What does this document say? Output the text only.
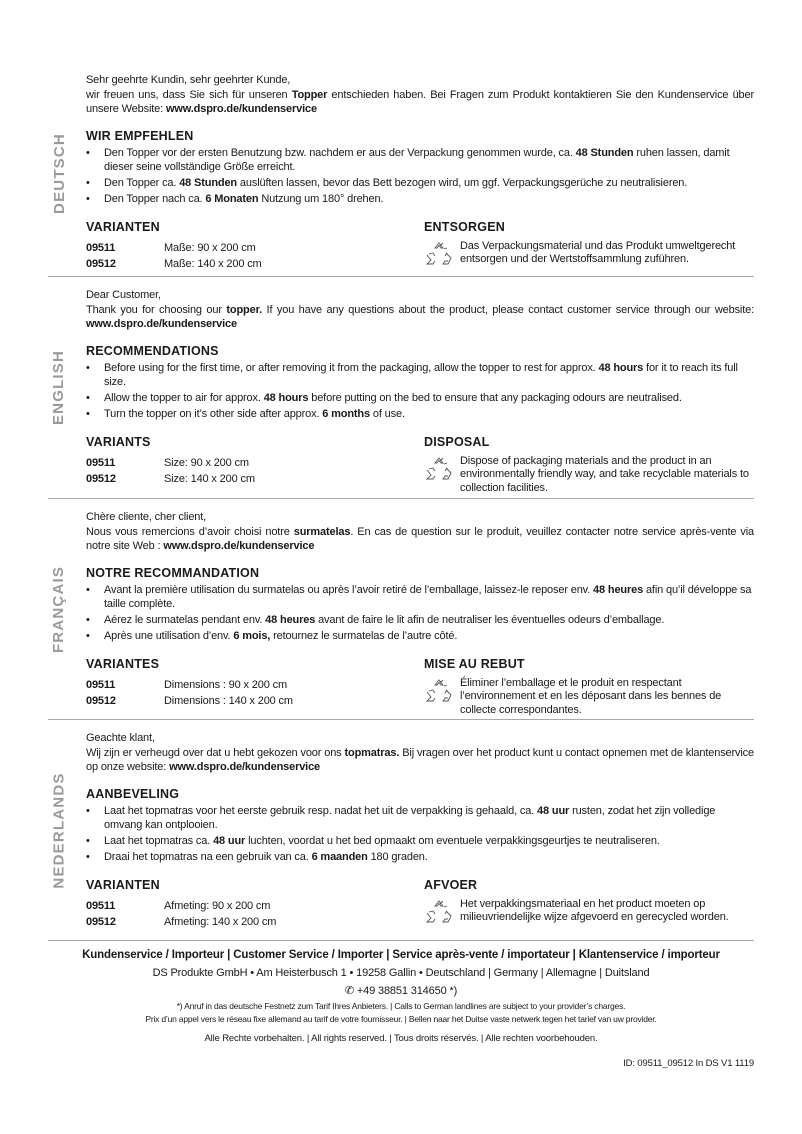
DEUTSCH
Sehr geehrte Kundin, sehr geehrter Kunde,
wir freuen uns, dass Sie sich für unseren Topper entschieden haben. Bei Fragen zum Produkt kontaktieren Sie den Kundenservice über unsere Website: www.dspro.de/kundenservice
WIR EMPFEHLEN
• Den Topper vor der ersten Benutzung bzw. nachdem er aus der Verpackung genommen wurde, ca. 48 Stunden ruhen lassen, damit dieser seine vollständige Größe erreicht.
• Den Topper ca. 48 Stunden auslüften lassen, bevor das Bett bezogen wird, um ggf. Verpackungsgerüche zu neutralisieren.
• Den Topper nach ca. 6 Monaten Nutzung um 180° drehen.
VARIANTEN
09511	Maße: 90 x 200 cm
09512	Maße: 140 x 200 cm
ENTSORGEN
Das Verpackungsmaterial und das Produkt umweltgerecht entsorgen und der Wertstoffsammlung zuführen.
ENGLISH
Dear Customer,
Thank you for choosing our topper. If you have any questions about the product, please contact customer service through our website: www.dspro.de/kundenservice
RECOMMENDATIONS
• Before using for the first time, or after removing it from the packaging, allow the topper to rest for approx. 48 hours for it to reach its full size.
• Allow the topper to air for approx. 48 hours before putting on the bed to ensure that any packaging odours are neutralised.
• Turn the topper on it’s other side after approx. 6 months of use.
VARIANTS
09511	Size: 90 x 200 cm
09512	Size: 140 x 200 cm
DISPOSAL
Dispose of packaging materials and the product in an environmentally friendly way, and take recyclable materials to collection facilities.
FRANÇAIS
Chère cliente, cher client,
Nous vous remercions d’avoir choisi notre surmatelas. En cas de question sur le produit, veuillez contacter notre service après-vente via notre site Web : www.dspro.de/kundenservice
NOTRE RECOMMANDATION
• Avant la première utilisation du surmatelas ou après l’avoir retiré de l’emballage, laissez-le reposer env. 48 heures afin qu’il développe sa taille complète.
• Aérez le surmatelas pendant env. 48 heures avant de faire le lit afin de neutraliser les éventuelles odeurs d’emballage.
• Après une utilisation d’env. 6 mois, retournez le surmatelas de l’autre côté.
VARIANTES
09511	Dimensions : 90 x 200 cm
09512	Dimensions : 140 x 200 cm
MISE AU REBUT
Éliminer l’emballage et le produit en respectant l’environnement et en les déposant dans les bennes de collecte correspondantes.
NEDERLANDS
Geachte klant,
Wij zijn er verheugd over dat u hebt gekozen voor ons topmatras. Bij vragen over het product kunt u contact opnemen met de klantenservice op onze website: www.dspro.de/kundenservice
AANBEVELING
• Laat het topmatras voor het eerste gebruik resp. nadat het uit de verpakking is gehaald, ca. 48 uur rusten, zodat het zijn volledige omvang kan ontplooien.
• Laat het topmatras ca. 48 uur luchten, voordat u het bed opmaakt om eventuele verpakkingsgeurtjes te neutraliseren.
• Draai het topmatras na een gebruik van ca. 6 maanden 180 graden.
VARIANTEN
09511	Afmeting: 90 x 200 cm
09512	Afmeting: 140 x 200 cm
AFVOER
Het verpakkingsmateriaal en het product moeten op milieuvriendelijke wijze afgevoerd en gerecycled worden.
Kundenservice / Importeur | Customer Service / Importer | Service après-vente / importateur | Klantenservice / importeur
DS Produkte GmbH • Am Heisterbusch 1 • 19258 Gallin • Deutschland | Germany | Allemagne | Duitsland
✆ +49 38851 314650 *)
*) Anruf in das deutsche Festnetz zum Tarif Ihres Anbieters. | Calls to German landlines are subject to your provider’s charges.
Prix d’un appel vers le réseau fixe allemand au tarif de votre fournisseur. | Bellen naar het Duitse vaste netwerk tegen het tarief van uw provider.
Alle Rechte vorbehalten. | All rights reserved. | Tous droits réservés. | Alle rechten voorbehouden.
ID: 09511_09512 In DS V1 1119
